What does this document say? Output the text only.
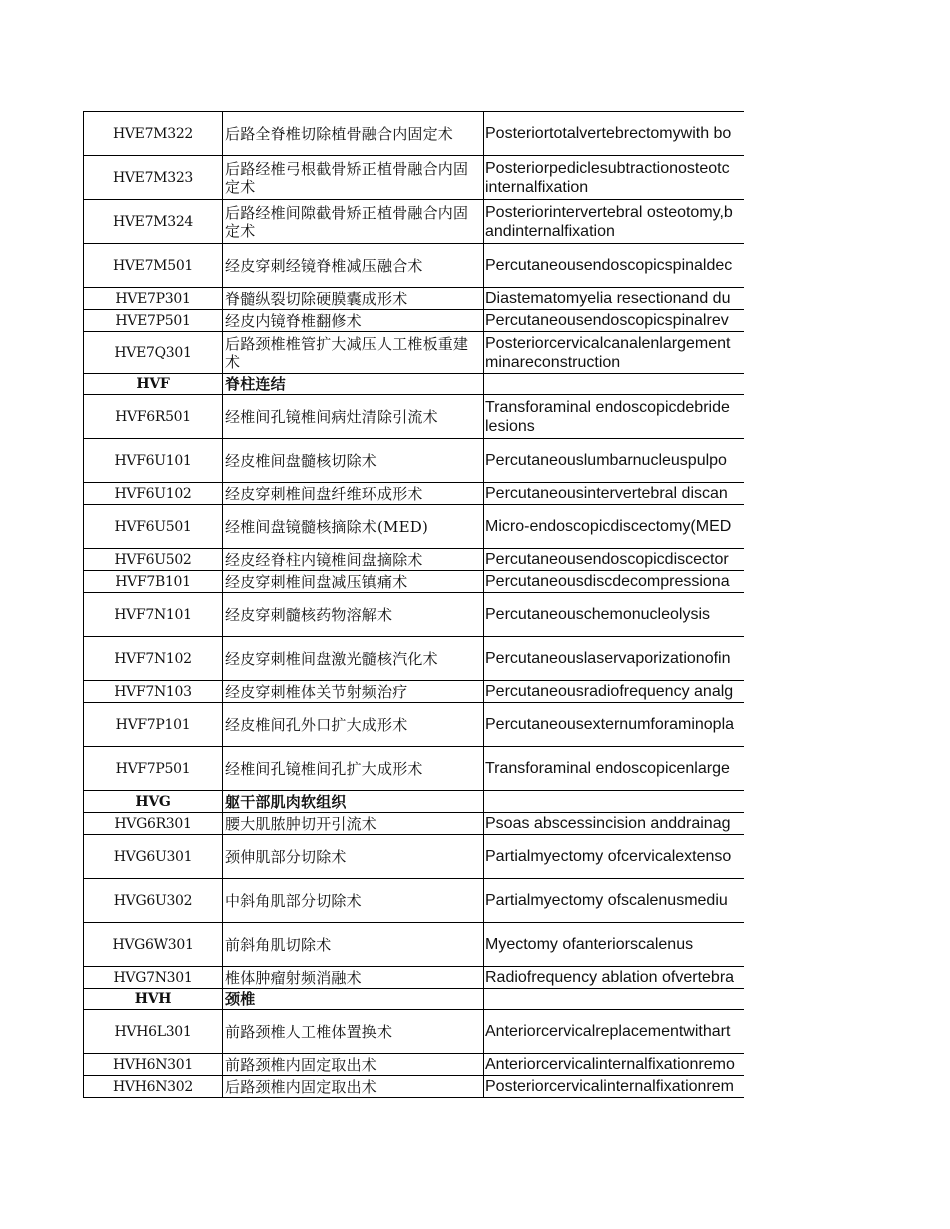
HVE7M322	后路全脊椎切除植骨融合内固定术	Posteriortotalvertebrectomywith bo

HVE7M323	后路经椎弓根截骨矫正植骨融合内固定术	Posteriorpediclesubtractionosteotc
internalfixation

HVE7M324	后路经椎间隙截骨矫正植骨融合内固定术	Posteriorintervertebral osteotomy,b
andinternalfixation

HVE7M501	经皮穿刺经镜脊椎减压融合术	Percutaneousendoscopicspinaldec

HVE7P301	脊髓纵裂切除硬膜囊成形术	Diastematomyelia resectionand du

HVE7P501	经皮内镜脊椎翻修术	Percutaneousendoscopicspinalrev

HVE7Q301	后路颈椎椎管扩大减压人工椎板重建术	Posteriorcervicalcanalenlargement
minareconstruction

HVF	脊柱连结	

HVF6R501	经椎间孔镜椎间病灶清除引流术	Transforaminal endoscopicdebride
lesions

HVF6U101	经皮椎间盘髓核切除术	Percutaneouslumbarnucleuspulpo

HVF6U102	经皮穿刺椎间盘纤维环成形术	Percutaneousintervertebral discan

HVF6U501	经椎间盘镜髓核摘除术(MED)	Micro-endoscopicdiscectomy(MED

HVF6U502	经皮经脊柱内镜椎间盘摘除术	Percutaneousendoscopicdiscector

HVF7B101	经皮穿刺椎间盘减压镇痛术	Percutaneousdiscdecompressiona

HVF7N101	经皮穿刺髓核药物溶解术	Percutaneouschemonucleolysis

HVF7N102	经皮穿刺椎间盘激光髓核汽化术	Percutaneouslaservaporizationofin

HVF7N103	经皮穿刺椎体关节射频治疗	Percutaneousradiofrequency analg

HVF7P101	经皮椎间孔外口扩大成形术	Percutaneousexternumforaminopla

HVF7P501	经椎间孔镜椎间孔扩大成形术	Transforaminal endoscopicenlarge

HVG	躯干部肌肉软组织	

HVG6R301	腰大肌脓肿切开引流术	Psoas abscessincision anddrainag

HVG6U301	颈伸肌部分切除术	Partialmyectomy ofcervicalextenso

HVG6U302	中斜角肌部分切除术	Partialmyectomy ofscalenusmediu

HVG6W301	前斜角肌切除术	Myectomy ofanteriorscalenus

HVG7N301	椎体肿瘤射频消融术	Radiofrequency ablation ofvertebra

HVH	颈椎	

HVH6L301	前路颈椎人工椎体置换术	Anteriorcervicalreplacementwithart

HVH6N301	前路颈椎内固定取出术	Anteriorcervicalinternalfixationremo

HVH6N302	后路颈椎内固定取出术	Posteriorcervicalinternalfixationrem
